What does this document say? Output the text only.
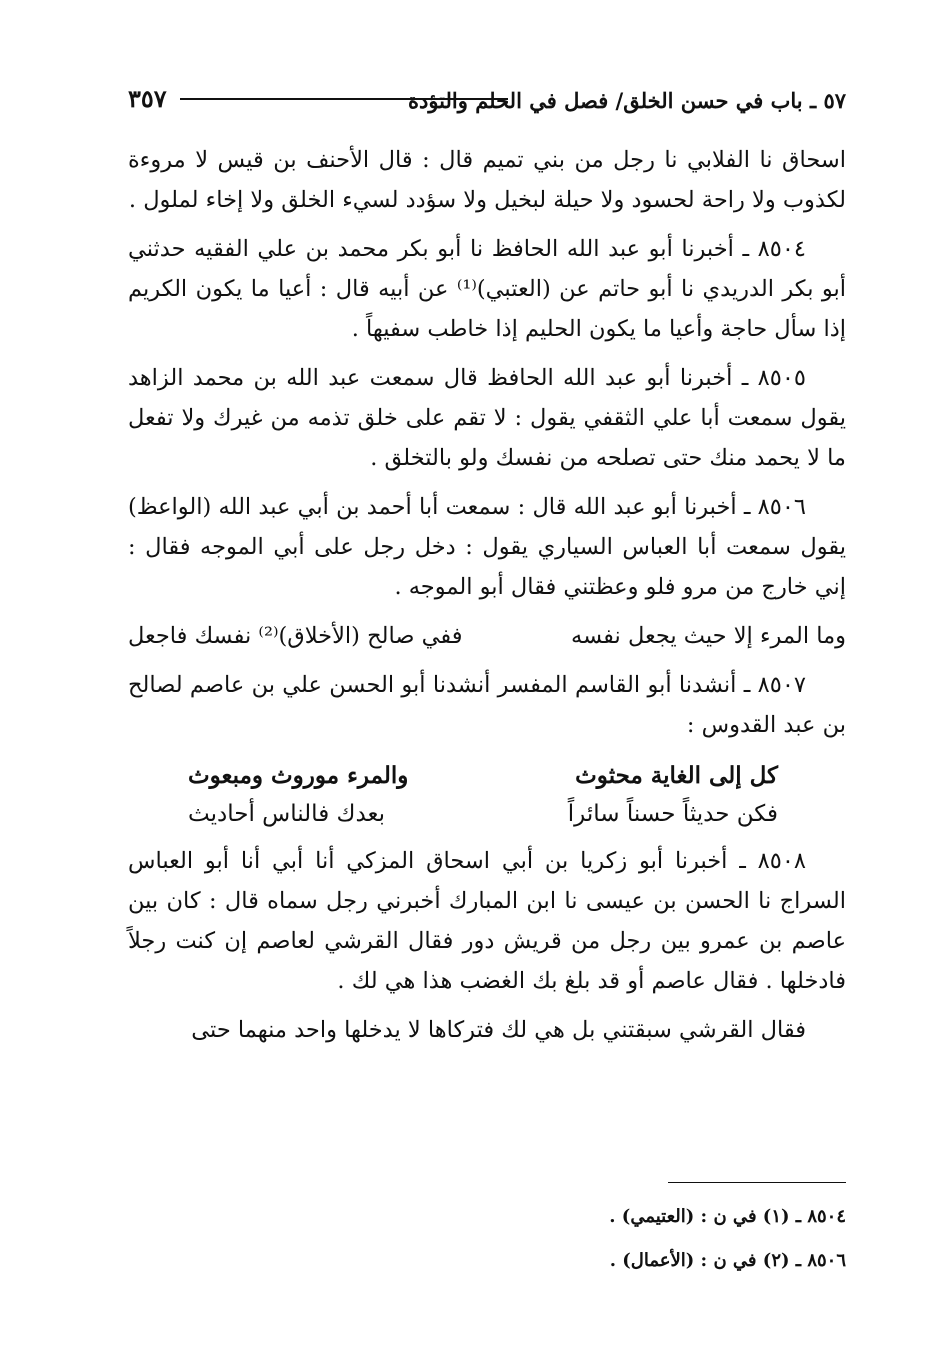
٥٧ ـ باب في حسن الخلق/ فصل في الحلم والتؤدة
٣٥٧

اسحاق نا الفلابي نا رجل من بني تميم قال : قال الأحنف بن قيس لا مروءة لكذوب ولا راحة لحسود ولا حيلة لبخيل ولا سؤدد لسيء الخلق ولا إخاء لملول .

٨٥٠٤ ـ أخبرنا أبو عبد الله الحافظ نا أبو بكر محمد بن علي الفقيه حدثني أبو بكر الدريدي نا أبو حاتم عن (العتبي)⁽¹⁾ عن أبيه قال : أعيا ما يكون الكريم إذا سأل حاجة وأعيا ما يكون الحليم إذا خاطب سفيهاً .

٨٥٠٥ ـ أخبرنا أبو عبد الله الحافظ قال سمعت عبد الله بن محمد الزاهد يقول سمعت أبا علي الثقفي يقول : لا تقم على خلق تذمه من غيرك ولا تفعل ما لا يحمد منك حتى تصلحه من نفسك ولو بالتخلق .

٨٥٠٦ ـ أخبرنا أبو عبد الله قال : سمعت أبا أحمد بن أبي عبد الله (الواعظ) يقول سمعت أبا العباس السياري يقول : دخل رجل على أبي الموجه فقال : إني خارج من مرو فلو وعظتني فقال أبو الموجه .

وما المرء إلا حيث يجعل نفسه
ففي صالح (الأخلاق)⁽²⁾ نفسك فاجعل

٨٥٠٧ ـ أنشدنا أبو القاسم المفسر أنشدنا أبو الحسن علي بن عاصم لصالح بن عبد القدوس :

كل إلى الغاية محثوث
والمرء موروث ومبعوث
فكن حديثاً حسناً سائراً
بعدك فالناس أحاديث

٨٥٠٨ ـ أخبرنا أبو زكريا بن أبي اسحاق المزكي أنا أبي أنا أبو العباس السراج نا الحسن بن عيسى نا ابن المبارك أخبرني رجل سماه قال : كان بين عاصم بن عمرو بين رجل من قريش دور فقال القرشي لعاصم إن كنت رجلاً فادخلها . فقال عاصم أو قد بلغ بك الغضب هذا هي لك .

فقال القرشي سبقتني بل هي لك فتركاها لا يدخلها واحد منهما حتى

٨٥٠٤ ـ (١) في ن : (العتيمي) .
٨٥٠٦ ـ (٢) في ن : (الأعمال) .
